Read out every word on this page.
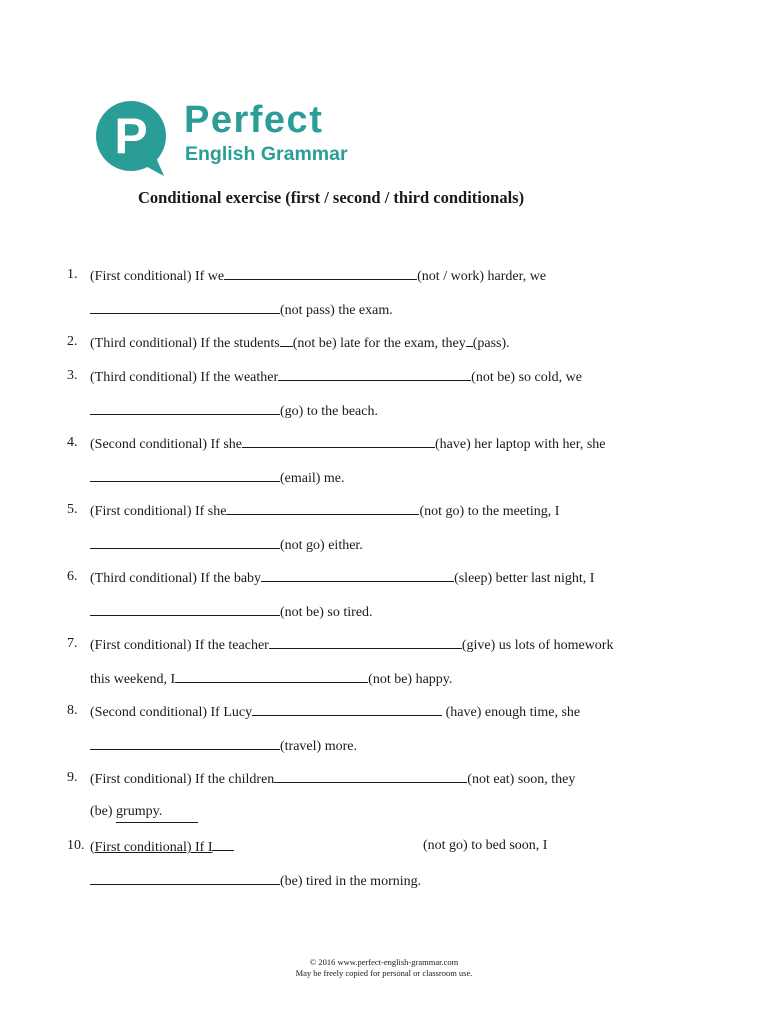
P Perfect
English Grammar
Conditional exercise (first / second / third conditionals)
1. (First conditional) If we	(not / work) harder, we
(not pass) the exam.
2. (Third conditional) If the students (not be) late for the exam, they (pass).
3. (Third conditional) If the weather	(not be) so cold, we
(go) to the beach.
4. (Second conditional) If she	(have) her laptop with her, she
(email) me.
5. (First conditional) If she	(not go) to the meeting, I
(not go) either.
6. (Third conditional) If the baby	(sleep) better last night, I
(not be) so tired.
7. (First conditional) If the teacher	(give) us lots of homework
this weekend, I	(not be) happy.
8. (Second conditional) If Lucy	(have) enough time, she
(travel) more.
9. (First conditional) If the children	(not eat) soon, they
(be) grumpy.
10. (First conditional) If I	(not go) to bed soon, I
(be) tired in the morning.
© 2016 www.perfect-english-grammar.com
May be freely copied for personal or classroom use.
